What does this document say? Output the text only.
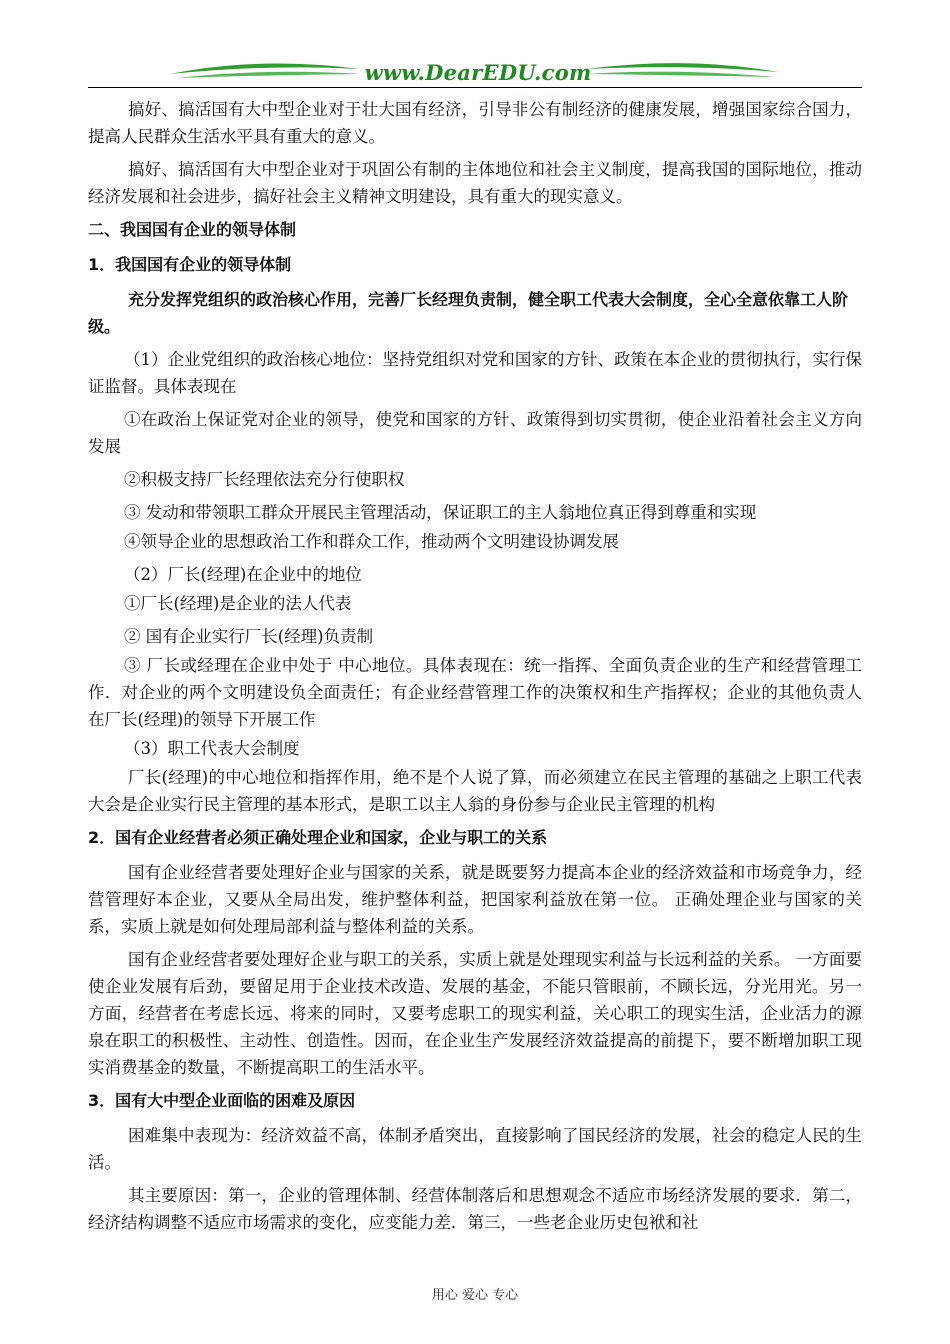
www.DearEDU.com

搞好、搞活国有大中型企业对于壮大国有经济，引导非公有制经济的健康发展，增强国家综合国力，提高人民群众生活水平具有重大的意义。

搞好、搞活国有大中型企业对于巩固公有制的主体地位和社会主义制度，提高我国的国际地位，推动经济发展和社会进步，搞好社会主义精神文明建设，具有重大的现实意义。

二、我国国有企业的领导体制
1．我国国有企业的领导体制

充分发挥党组织的政治核心作用，完善厂长经理负责制，健全职工代表大会制度，全心全意依靠工人阶级。

（1）企业党组织的政治核心地位：坚持党组织对党和国家的方针、政策在本企业的贯彻执行，实行保证监督。具体表现在

①在政治上保证党对企业的领导，使党和国家的方针、政策得到切实贯彻，使企业沿着社会主义方向发展

②积极支持厂长经理依法充分行使职权

③ 发动和带领职工群众开展民主管理活动，保证职工的主人翁地位真正得到尊重和实现

④领导企业的思想政治工作和群众工作，推动两个文明建设协调发展

（2）厂长(经理)在企业中的地位

①厂长(经理)是企业的法人代表

② 国有企业实行厂长(经理)负责制

③ 厂长或经理在企业中处于 中心地位。具体表现在：统一指挥、全面负责企业的生产和经营管理工作．对企业的两个文明建设负全面责任；有企业经营管理工作的决策权和生产指挥权；企业的其他负责人在厂长(经理)的领导下开展工作

（3）职工代表大会制度

厂长(经理)的中心地位和指挥作用，绝不是个人说了算，而必须建立在民主管理的基础之上职工代表大会是企业实行民主管理的基本形式，是职工以主人翁的身份参与企业民主管理的机构

2．国有企业经营者必须正确处理企业和国家，企业与职工的关系

国有企业经营者要处理好企业与国家的关系，就是既要努力提高本企业的经济效益和市场竞争力，经营管理好本企业，又要从全局出发，维护整体利益，把国家利益放在第一位。 正确处理企业与国家的关系，实质上就是如何处理局部利益与整体利益的关系。

国有企业经营者要处理好企业与职工的关系，实质上就是处理现实利益与长远利益的关系。 一方面要使企业发展有后劲，要留足用于企业技术改造、发展的基金，不能只管眼前，不顾长远，分光用光。另一方面，经营者在考虑长远、将来的同时，又要考虑职工的现实利益，关心职工的现实生活，企业活力的源泉在职工的积极性、主动性、创造性。因而，在企业生产发展经济效益提高的前提下，要不断增加职工现实消费基金的数量，不断提高职工的生活水平。

3．国有大中型企业面临的困难及原因

困难集中表现为：经济效益不高，体制矛盾突出，直接影响了国民经济的发展，社会的稳定人民的生活。

其主要原因：第一，企业的管理体制、经营体制落后和思想观念不适应市场经济发展的要求．第二，经济结构调整不适应市场需求的变化，应变能力差．第三，一些老企业历史包袱和社

用心 爱心 专心
